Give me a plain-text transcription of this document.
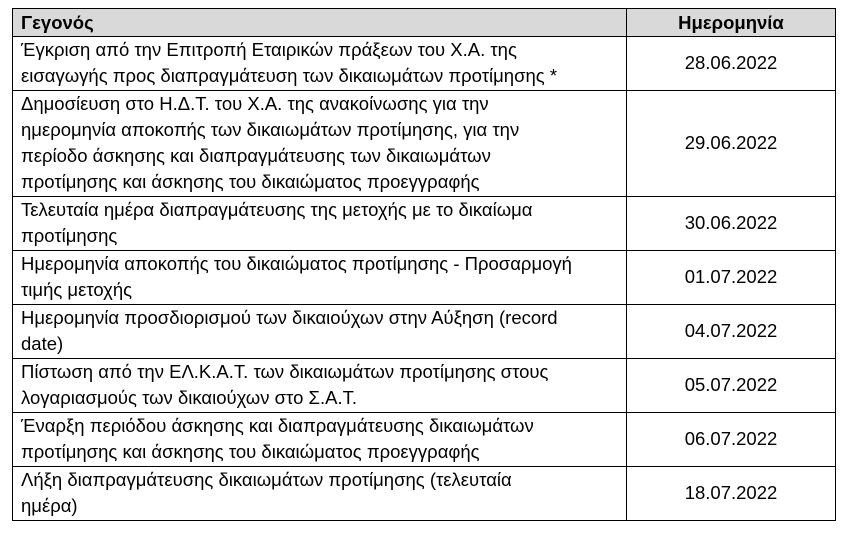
Γεγονός	Ημερομηνία

Έγκριση από την Επιτροπή Εταιρικών πράξεων του Χ.Α. της
εισαγωγής προς διαπραγμάτευση των δικαιωμάτων προτίμησης *	28.06.2022

Δημοσίευση στο Η.Δ.Τ. του Χ.Α. της ανακοίνωσης για την
ημερομηνία αποκοπής των δικαιωμάτων προτίμησης, για την
περίοδο άσκησης και διαπραγμάτευσης των δικαιωμάτων
προτίμησης και άσκησης του δικαιώματος προεγγραφής	29.06.2022

Τελευταία ημέρα διαπραγμάτευσης της μετοχής με το δικαίωμα
προτίμησης	30.06.2022

Ημερομηνία αποκοπής του δικαιώματος προτίμησης - Προσαρμογή
τιμής μετοχής	01.07.2022

Ημερομηνία προσδιορισμού των δικαιούχων στην Αύξηση (record
date)	04.07.2022

Πίστωση από την ΕΛ.Κ.Α.Τ. των δικαιωμάτων προτίμησης στους
λογαριασμούς των δικαιούχων στο Σ.Α.Τ.	05.07.2022

Έναρξη περιόδου άσκησης και διαπραγμάτευσης δικαιωμάτων
προτίμησης και άσκησης του δικαιώματος προεγγραφής	06.07.2022

Λήξη διαπραγμάτευσης δικαιωμάτων προτίμησης (τελευταία
ημέρα)	18.07.2022
